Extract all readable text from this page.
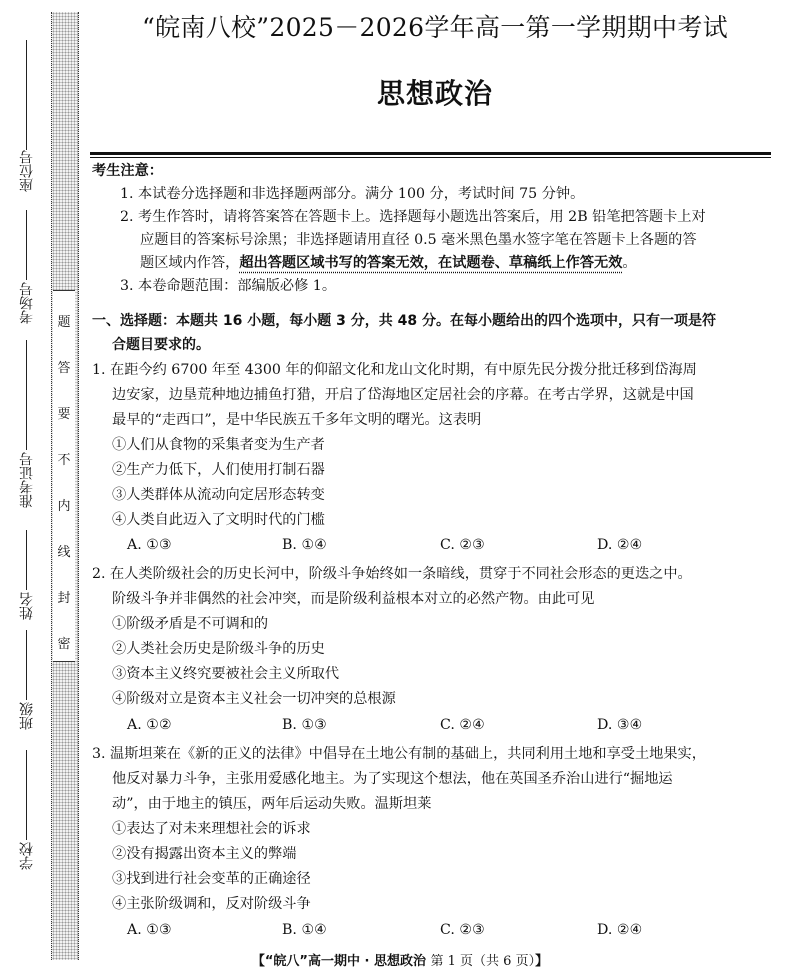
座位号
考场号
准考证号
姓名
班级
学校
题
答
要
不
内
线
封
密
“皖南八校”2025－2026学年高一第一学期期中考试
思想政治
考生注意：
1. 本试卷分选择题和非选择题两部分。满分 100 分，考试时间 75 分钟。
2. 考生作答时，请将答案答在答题卡上。选择题每小题选出答案后，用 2B 铅笔把答题卡上对
应题目的答案标号涂黑；非选择题请用直径 0.5 毫米黑色墨水签字笔在答题卡上各题的答
题区域内作答，超出答题区域书写的答案无效，在试题卷、草稿纸上作答无效。
3. 本卷命题范围：部编版必修 1。
一、选择题：本题共 16 小题，每小题 3 分，共 48 分。在每小题给出的四个选项中，只有一项是符
合题目要求的。
1. 在距今约 6700 年至 4300 年的仰韶文化和龙山文化时期，有中原先民分拨分批迁移到岱海周
边安家，边垦荒种地边捕鱼打猎，开启了岱海地区定居社会的序幕。在考古学界，这就是中国
最早的“走西口”，是中华民族五千多年文明的曙光。这表明
①人们从食物的采集者变为生产者
②生产力低下，人们使用打制石器
③人类群体从流动向定居形态转变
④人类自此迈入了文明时代的门槛
A. ①③	B. ①④	C. ②③	D. ②④
2. 在人类阶级社会的历史长河中，阶级斗争始终如一条暗线，贯穿于不同社会形态的更迭之中。
阶级斗争并非偶然的社会冲突，而是阶级利益根本对立的必然产物。由此可见
①阶级矛盾是不可调和的
②人类社会历史是阶级斗争的历史
③资本主义终究要被社会主义所取代
④阶级对立是资本主义社会一切冲突的总根源
A. ①②	B. ①③	C. ②④	D. ③④
3. 温斯坦莱在《新的正义的法律》中倡导在土地公有制的基础上，共同利用土地和享受土地果实，
他反对暴力斗争，主张用爱感化地主。为了实现这个想法，他在英国圣乔治山进行“掘地运
动”，由于地主的镇压，两年后运动失败。温斯坦莱
①表达了对未来理想社会的诉求
②没有揭露出资本主义的弊端
③找到进行社会变革的正确途径
④主张阶级调和，反对阶级斗争
A. ①③	B. ①④	C. ②③	D. ②④
【“皖八”高一期中 · 思想政治 第 1 页（共 6 页）】
